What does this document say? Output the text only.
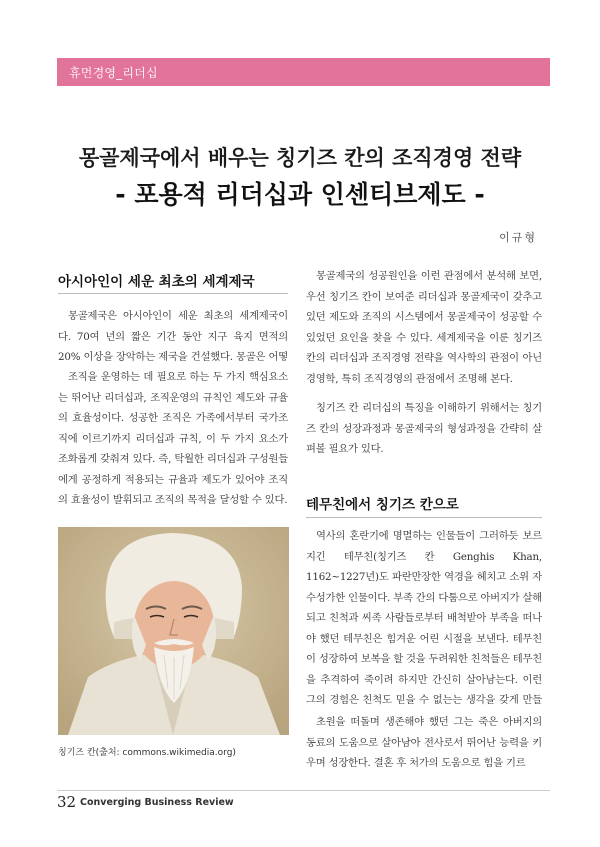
휴먼경영_리더십
몽골제국에서 배우는 칭기즈 칸의 조직경영 전략
- 포용적 리더십과 인센티브제도 -
이규형
아시아인이 세운 최초의 세계제국
몽골제국은 아시아인이 세운 최초의 세계제국이다. 70여 년의 짧은 기간 동안 지구 육지 면적의 20% 이상을 장악하는 제국을 건설했다. 몽골은 어떻
조직을 운영하는 데 필요로 하는 두 가지 핵심요소는 뛰어난 리더십과, 조직운영의 규칙인 제도와 규율의 효율성이다. 성공한 조직은 가족에서부터 국가조직에 이르기까지 리더십과 규칙, 이 두 가지 요소가 조화롭게 갖춰져 있다. 즉, 탁월한 리더십과 구성원들에게 공정하게 적용되는 규율과 제도가 있어야 조직의 효율성이 발휘되고 조직의 목적을 달성할 수 있다.
칭기즈 칸(출처: commons.wikimedia.org)
몽골제국의 성공원인을 이런 관점에서 분석해 보면, 우선 칭기즈 칸이 보여준 리더십과 몽골제국이 갖추고 있던 제도와 조직의 시스템에서 몽골제국이 성공할 수 있었던 요인을 찾을 수 있다. 세계제국을 이룬 칭기즈 칸의 리더십과 조직경영 전략을 역사학의 관점이 아닌 경영학, 특히 조직경영의 관점에서 조명해 본다.
칭기즈 칸 리더십의 특징을 이해하기 위해서는 칭기즈 칸의 성장과정과 몽골제국의 형성과정을 간략히 살펴볼 필요가 있다.
테무친에서 칭기즈 칸으로
역사의 혼란기에 명멸하는 인물들이 그러하듯 보르지긴 테무친(칭기즈 칸 Genghis Khan, 1162~1227년)도 파란만장한 역경을 헤치고 소위 자수성가한 인물이다. 부족 간의 다툼으로 아버지가 살해되고 친척과 씨족 사람들로부터 배척받아 부족을 떠나야 했던 테무친은 힘겨운 어린 시절을 보낸다. 테무친이 성장하여 보복을 할 것을 두려워한 친척들은 테무친을 추격하여 죽이려 하지만 간신히 살아남는다. 이런 그의 경험은 친척도 믿을 수 없는는 생각을 갖게 만들
초원을 떠돌며 생존해야 했던 그는 죽은 아버지의 동료의 도움으로 살아남아 전사로서 뛰어난 능력을 키우며 성장한다. 결혼 후 처가의 도움으로 힘을 기르
32 Converging Business Review
